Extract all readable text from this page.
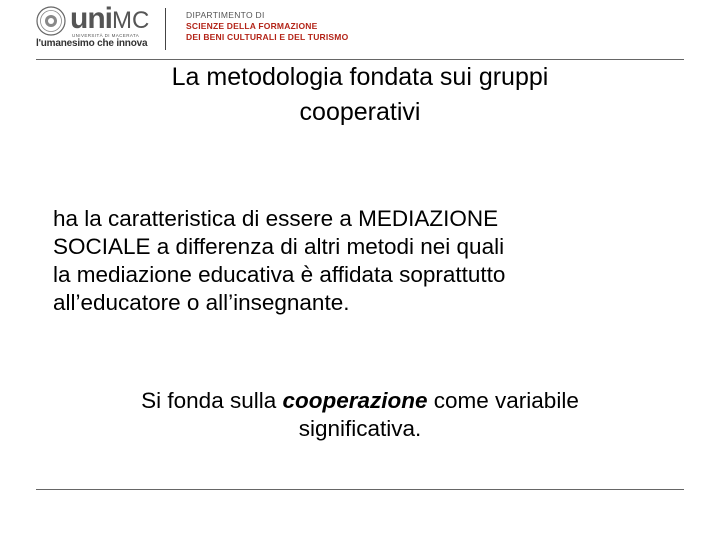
uniMC
UNIVERSITÀ DI MACERATA
l'umanesimo che innova
DIPARTIMENTO DI
SCIENZE DELLA FORMAZIONE
DEI BENI CULTURALI E DEL TURISMO
La metodologia fondata sui gruppi
cooperativi
ha la caratteristica di essere a MEDIAZIONE
SOCIALE a differenza di altri metodi nei quali
la mediazione educativa è affidata soprattutto
all’educatore o all’insegnante.
Si fonda sulla cooperazione come variabile
significativa.
